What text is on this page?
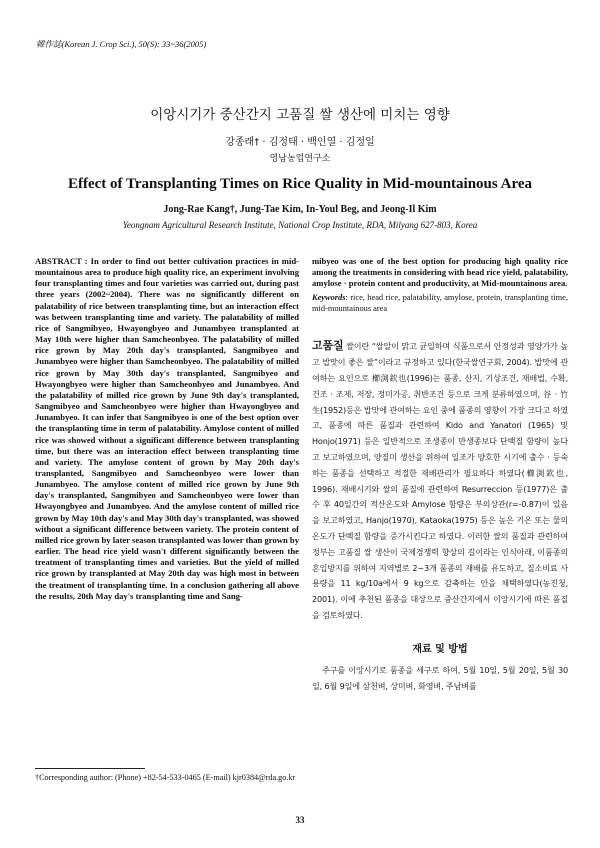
韓作誌(Korean J. Crop Sci.), 50(S): 33~36(2005)
이앙시기가 중산간지 고품질 쌀 생산에 미치는 영향
강종래† · 김정태 · 백인열 · 김정일
영남농업연구소
Effect of Transplanting Times on Rice Quality in Mid-mountainous Area
Jong-Rae Kang†, Jung-Tae Kim, In-Youl Beg, and Jeong-Il Kim
Yeongnam Agricultural Research Institute, National Crop Institute, RDA, Milyang 627-803, Korea

ABSTRACT : In order to find out better cultivation practices in mid-mountainous area to produce high quality rice, an experiment involving four transplanting times and four varieties was carried out, during past three years (2002~2004). There was no significantly different on palatability of rice between transplanting time, but an interaction effect was between transplanting time and variety. The palatability of milled rice of Sangmibyeo, Hwayongbyeo and Junambyeo transplanted at May 10th were higher than Samcheonbyeo. The palatability of milled rice grown by May 20th day's transplanted, Sangmibyeo and Junambyeo were higher than Samcheonbyeo. The palatability of milled rice grown by May 30th day's transplanted, Sangmibyeo and Hwayongbyeo were higher than Samcheonbyeo and Junambyeo. And the palatability of milled rice grown by June 9th day's transplanted, Sangmibyeo and Samcheonbyeo were higher than Hwayongbyeo and Junambyeo. It can infer that Sangmibyeo is one of the best option over the transplanting time in term of palatability. Amylose content of milled rice was showed without a significant difference between transplanting time, but there was an interaction effect between transplanting time and variety. The amylose content of grown by May 20th day's transplanted, Sangmibyeo and Samcheonbyeo were lower than Junambyeo. The amylose content of milled rice grown by June 9th day's transplanted, Sangmibyeo and Samcheonbyeo were lower than Hwayongbyeo and Junambyeo. And the amylose content of milled rice grown by May 10th day's and May 30th day's transplanted, was showed without a significant difference between variety. The protein content of milled rice grown by later season transplanted was lower than grown by earlier. The head rice yield wasn't different significantly between the treatment of transplanting times and varieties. But the yield of milled rice grown by transplanted at May 20th day was high most in between the treatment of transplanting time. In a conclusion gathering all above the results, 20th May day's transplanting time and Sang-

mibyeo was one of the best option for producing high quality rice among the treatments in considering with head rice yield, palatability, amylose · protein content and productivity, at Mid-mountainous area.

Keywords: rice, head rice, palatability, amylose, protein, transplanting time, mid-mountainous area

고품질 쌀이란 “쌀알이 맑고 균일하며 식품으로서 안정성과 영양가가 높고 밥맛이 좋은 쌀”이라고 규정하고 있다(한국쌀연구회, 2004). 밥맛에 관여하는 요인으로 櫛渕欽也(1996)는 품종, 산지, 기상조건, 재배법, 수확, 건조 · 조제, 저장, 정미가공, 취반조건 등으로 크게 분류하였으며, 谷 · 竹生(1952)등은 밥맛에 관여하는 요인 중에 품종의 영향이 가장 크다고 하였고, 품종에 따른 품질과 관련하여 Kido and Yanatori (1965) 및 Honjo(1971) 등은 일반적으로 조생종이 만생종보다 단백질 함량이 높다고 보고하였으며, 양질미 생산을 위하여 일조가 양호한 시기에 출수 · 등숙하는 품종을 선택하고 적절한 재배관리가 필요하다 하였다(櫛渕欽也, 1996). 재배시기와 쌀의 품질에 관련하여 Resurreccion 등(1977)은 출수 후 40일간의 적산온도와 Amylose 함량은 부의상관(r=-0.87)이 있음을 보고하였고, Hanjo(1970), Kataoka(1975) 등은 높은 기온 또는 물의 온도가 단백질 함량을 증가시킨다고 하였다. 이러한 쌀의 품질과 관련하여 정부는 고품질 쌀 생산이 국제경쟁력 향상의 길이라는 인식아래, 이품종의 혼입방지를 위하여 지역별로 2~3개 품종의 재배를 유도하고, 질소비료 사용량을 11 kg/10a에서 9 kg으로 감축하는 안을 채택하였다(농진청, 2001). 이에 추천된 품종을 대상으로 중산간지에서 이앙시기에 따른 품질을 검토하였다.
재료 및 방법
주구를 이앙시기로 품종을 세구로 하여, 5월 10일, 5월 20일, 5월 30일, 6월 9일에 삼천벼, 상미벼, 화영벼, 주남벼를
†Corresponding author: (Phone) +82-54-533-0465 (E-mail) kjr0384@rda.go.kr
33
